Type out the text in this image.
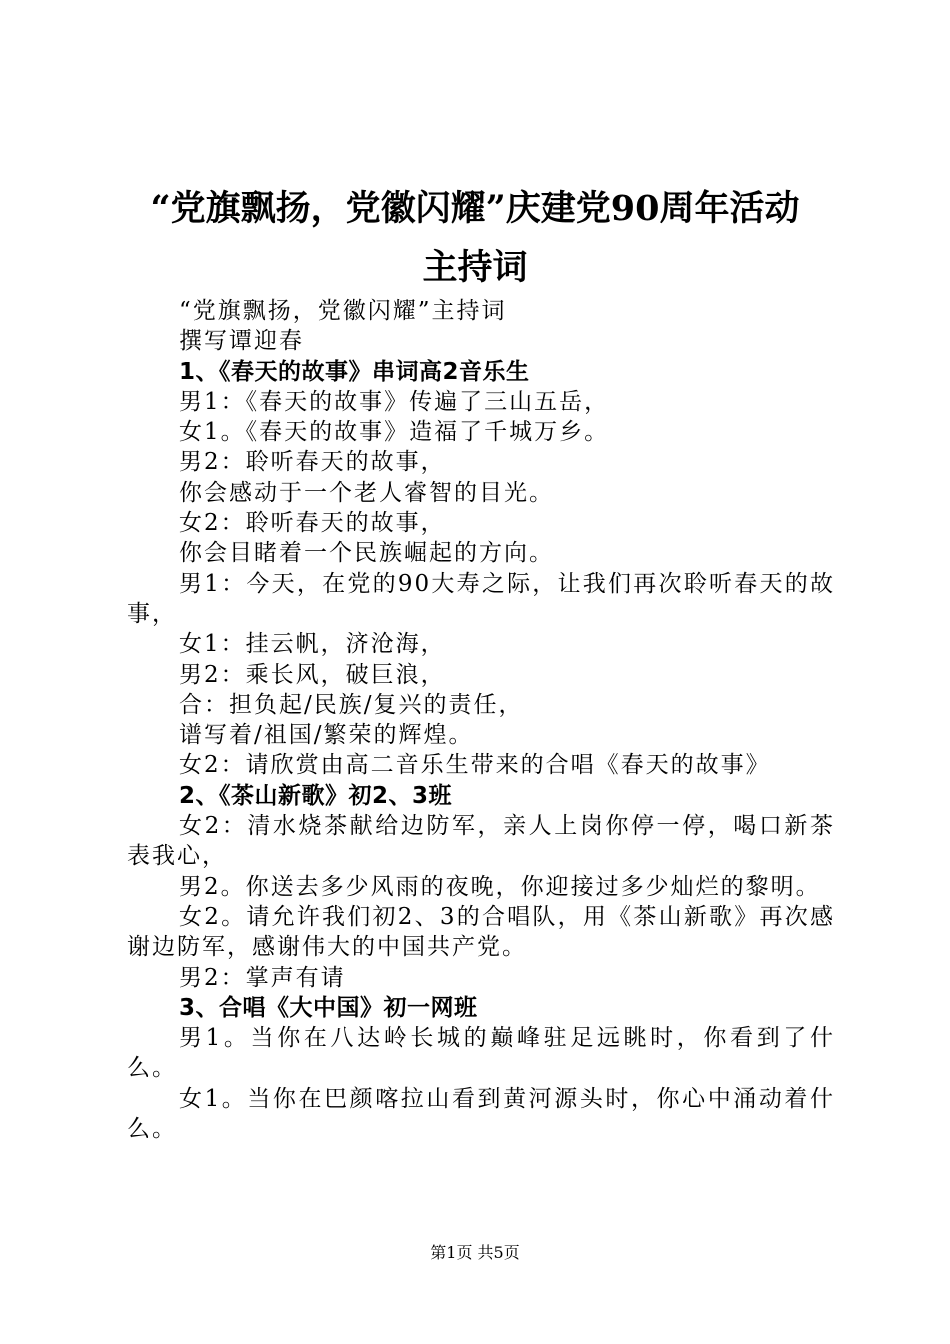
“党旗飘扬，党徽闪耀”庆建党90周年活动
主持词

“党旗飘扬，党徽闪耀”主持词

撰写谭迎春

1、《春天的故事》串词高2音乐生

男1：《春天的故事》传遍了三山五岳，

女1。《春天的故事》造福了千城万乡。

男2：聆听春天的故事，

你会感动于一个老人睿智的目光。

女2：聆听春天的故事，

你会目睹着一个民族崛起的方向。

男1：今天，在党的90大寿之际，让我们再次聆听春天的故事，

女1：挂云帆，济沧海，

男2：乘长风，破巨浪，

合：担负起/民族/复兴的责任，

谱写着/祖国/繁荣的辉煌。

女2：请欣赏由高二音乐生带来的合唱《春天的故事》

2、《茶山新歌》初2、3班

女2：清水烧茶献给边防军，亲人上岗你停一停，喝口新茶表我心，

男2。你送去多少风雨的夜晚，你迎接过多少灿烂的黎明。

女2。请允许我们初2、3的合唱队，用《茶山新歌》再次感谢边防军，感谢伟大的中国共产党。

男2：掌声有请

3、合唱《大中国》初一网班

男1。当你在八达岭长城的巅峰驻足远眺时，你看到了什么。

女1。当你在巴颜喀拉山看到黄河源头时，你心中涌动着什么。

第1页 共5页
